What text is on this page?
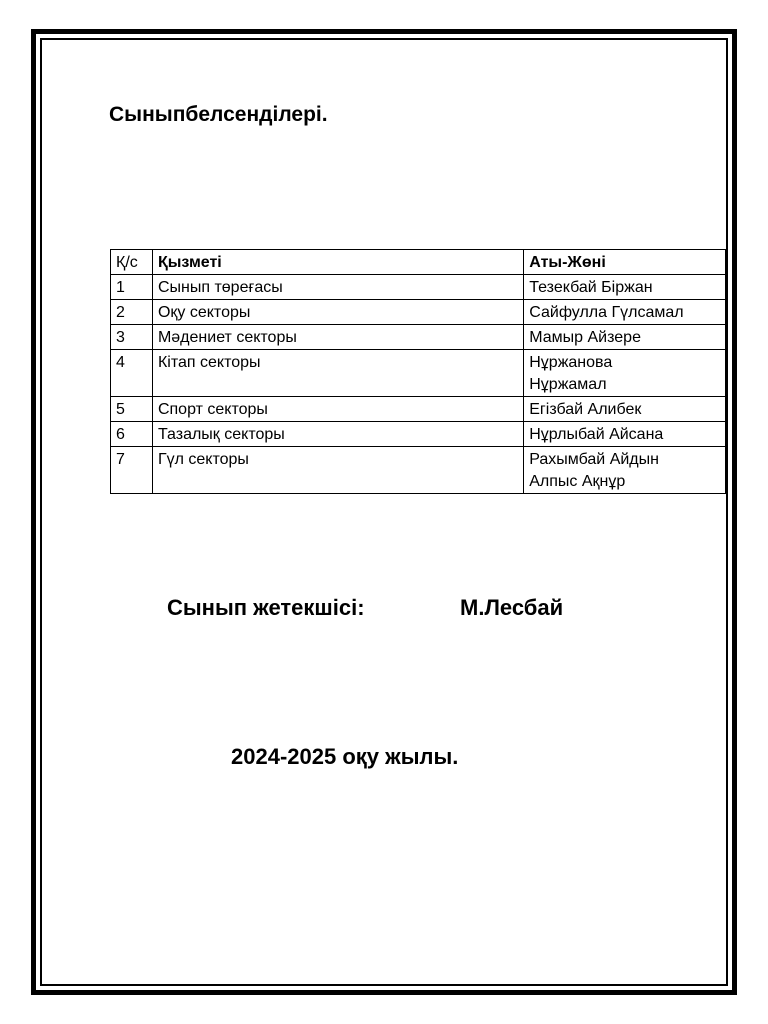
Сыныпбелсенділері.
Қ/с	Қызметі	Аты-Жөні
1	Сынып төреғасы	Тезекбай Біржан

2	Оқу секторы	Сайфулла Гүлсамал

3	Мәдениет секторы	Мамыр Айзере

4	Кітап секторы	Нұржанова
Нұржамал

5	Спорт секторы	Егізбай Алибек

6	Тазалық секторы	Нұрлыбай Айсана

7	Гүл секторы	Рахымбай Айдын
Алпыс Ақнұр
Сынып жетекшісі:	М.Лесбай
2024-2025 оқу жылы.
